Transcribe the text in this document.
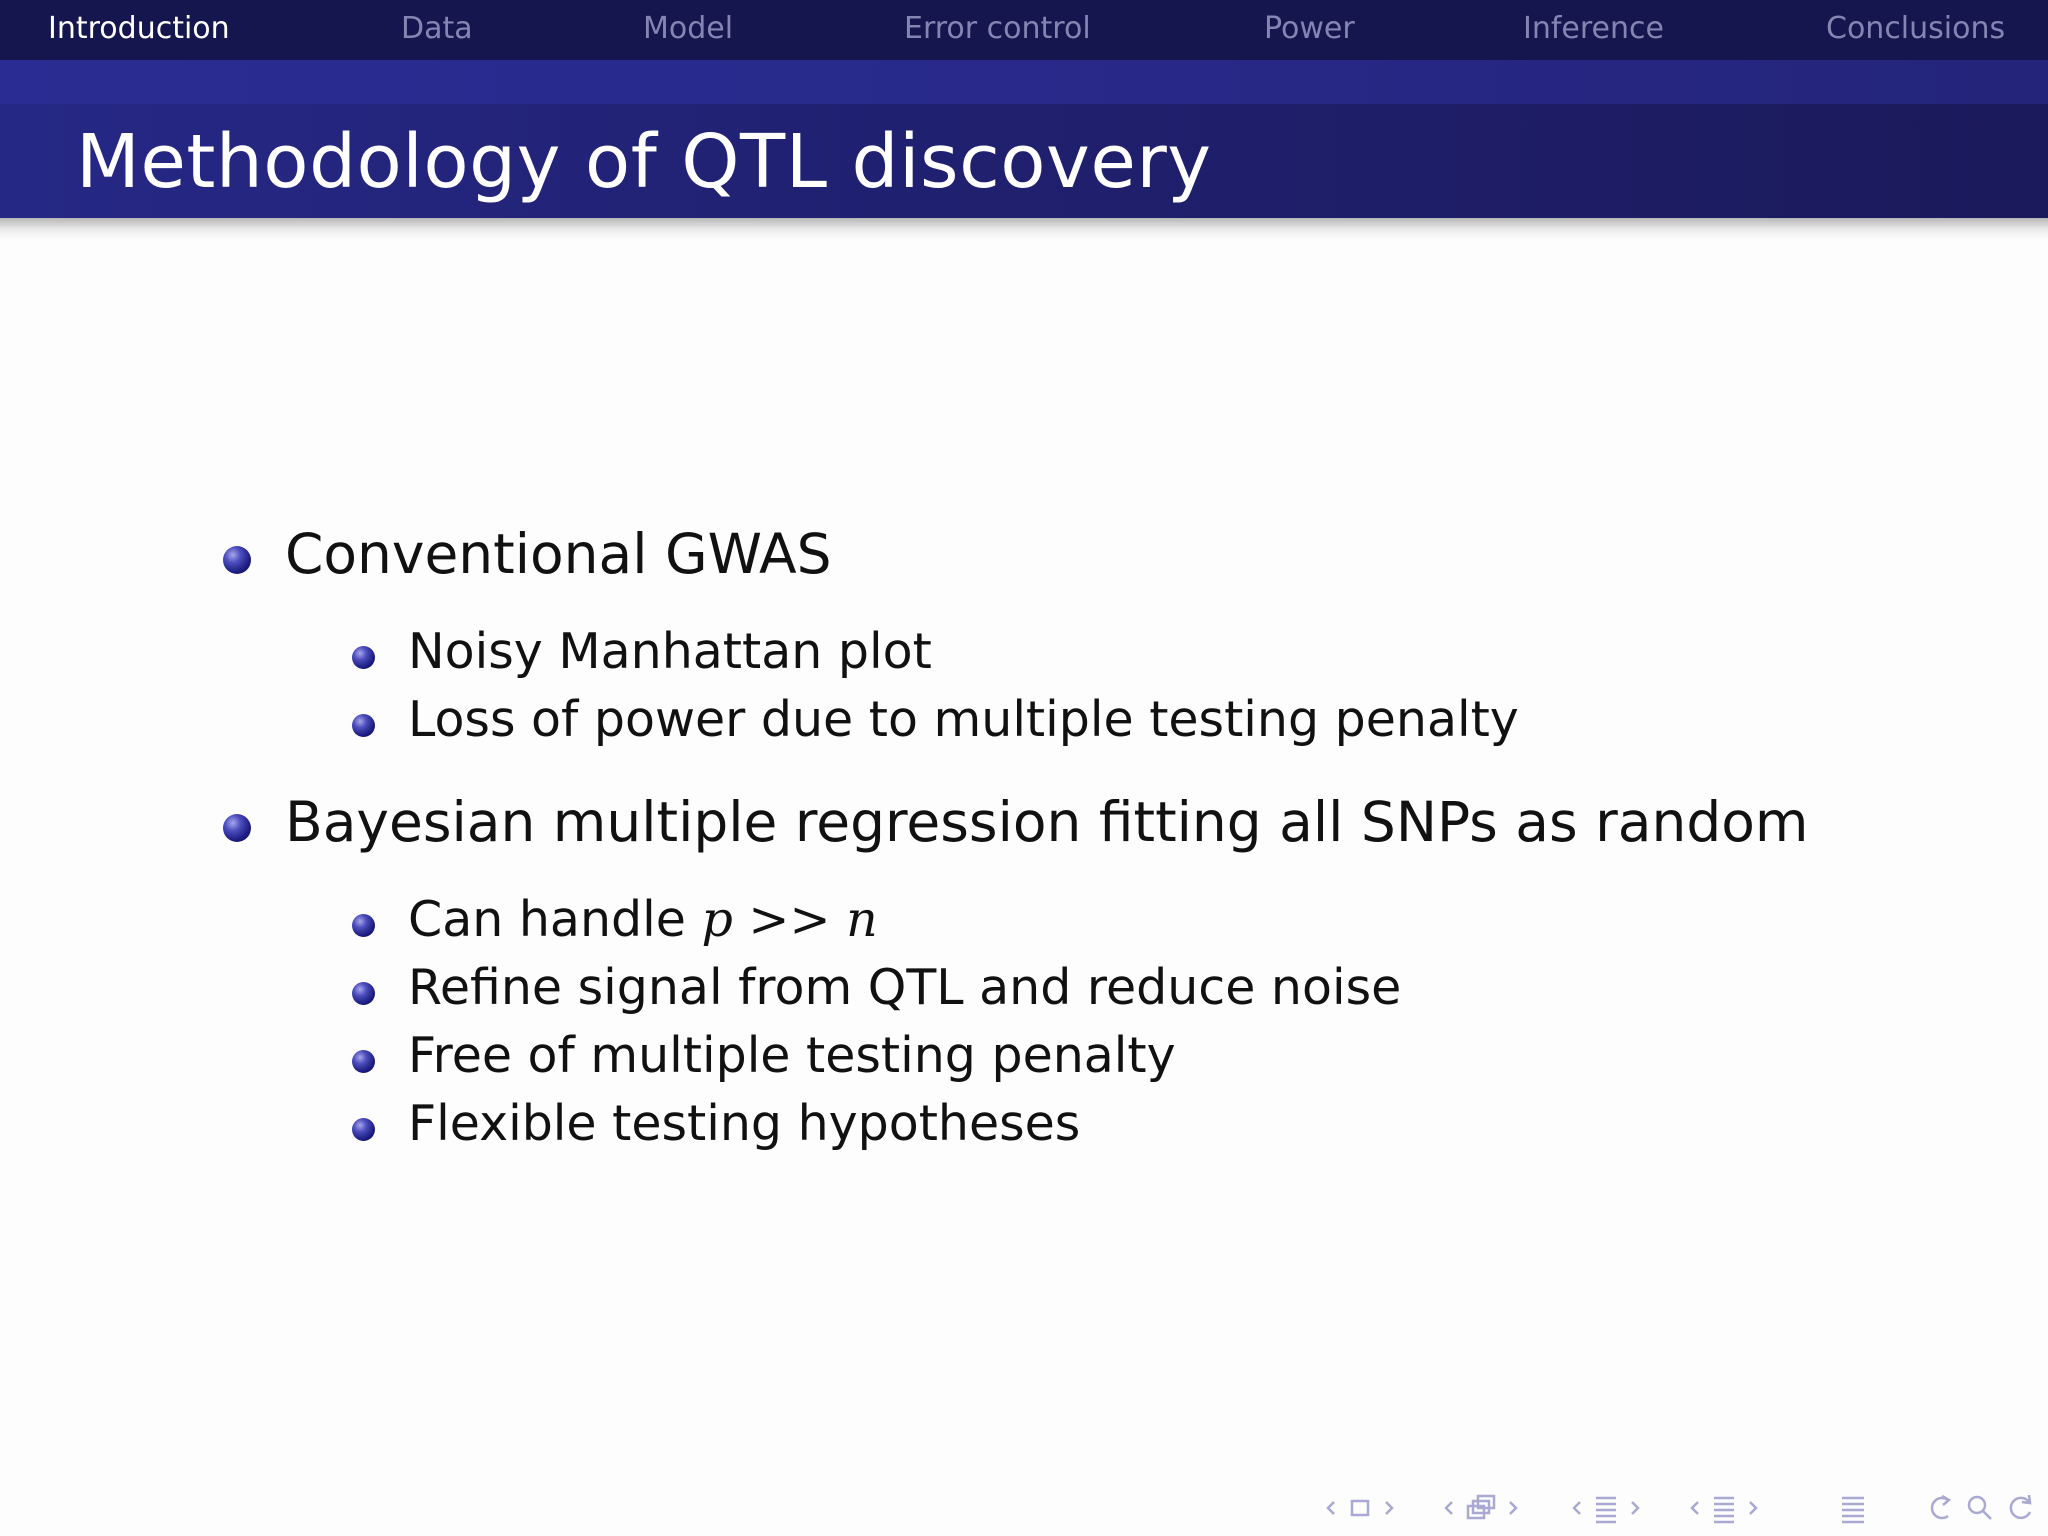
Introduction	Data	Model	Error control	Power	Inference	Conclusions
Methodology of QTL discovery
Conventional GWAS
Noisy Manhattan plot
Loss of power due to multiple testing penalty
Bayesian multiple regression fitting all SNPs as random
Can handle p >> n
Refine signal from QTL and reduce noise
Free of multiple testing penalty
Flexible testing hypotheses
